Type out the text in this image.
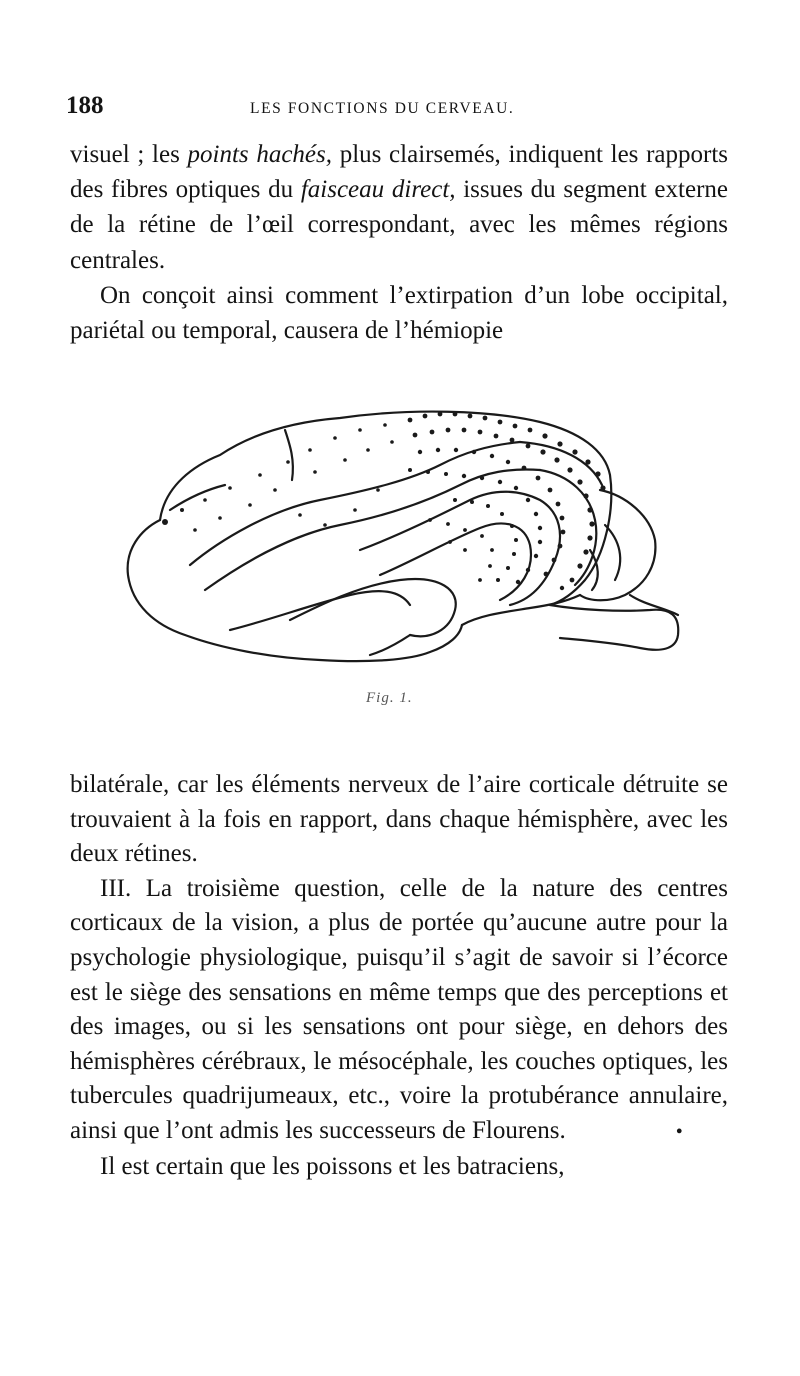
188	LES FONCTIONS DU CERVEAU.

visuel ; les points hachés, plus clairsemés, indiquent les rapports des fibres optiques du faisceau direct, issues du segment externe de la rétine de l’œil correspondant, avec les mêmes régions centrales.

On conçoit ainsi comment l’extirpation d’un lobe occipital, pariétal ou temporal, causera de l’hémiopie

Fig. 1.

bilatérale, car les éléments nerveux de l’aire corticale détruite se trouvaient à la fois en rapport, dans chaque hémisphère, avec les deux rétines.

III. La troisième question, celle de la nature des centres corticaux de la vision, a plus de portée qu’aucune autre pour la psychologie physiologique, puisqu’il s’agit de savoir si l’écorce est le siège des sensations en même temps que des perceptions et des images, ou si les sensations ont pour siège, en dehors des hémisphères cérébraux, le mésocéphale, les couches optiques, les tubercules quadrijumeaux, etc., voire la protubérance annulaire, ainsi que l’ont admis les successeurs de Flourens.	•

Il est certain que les poissons et les batraciens,
